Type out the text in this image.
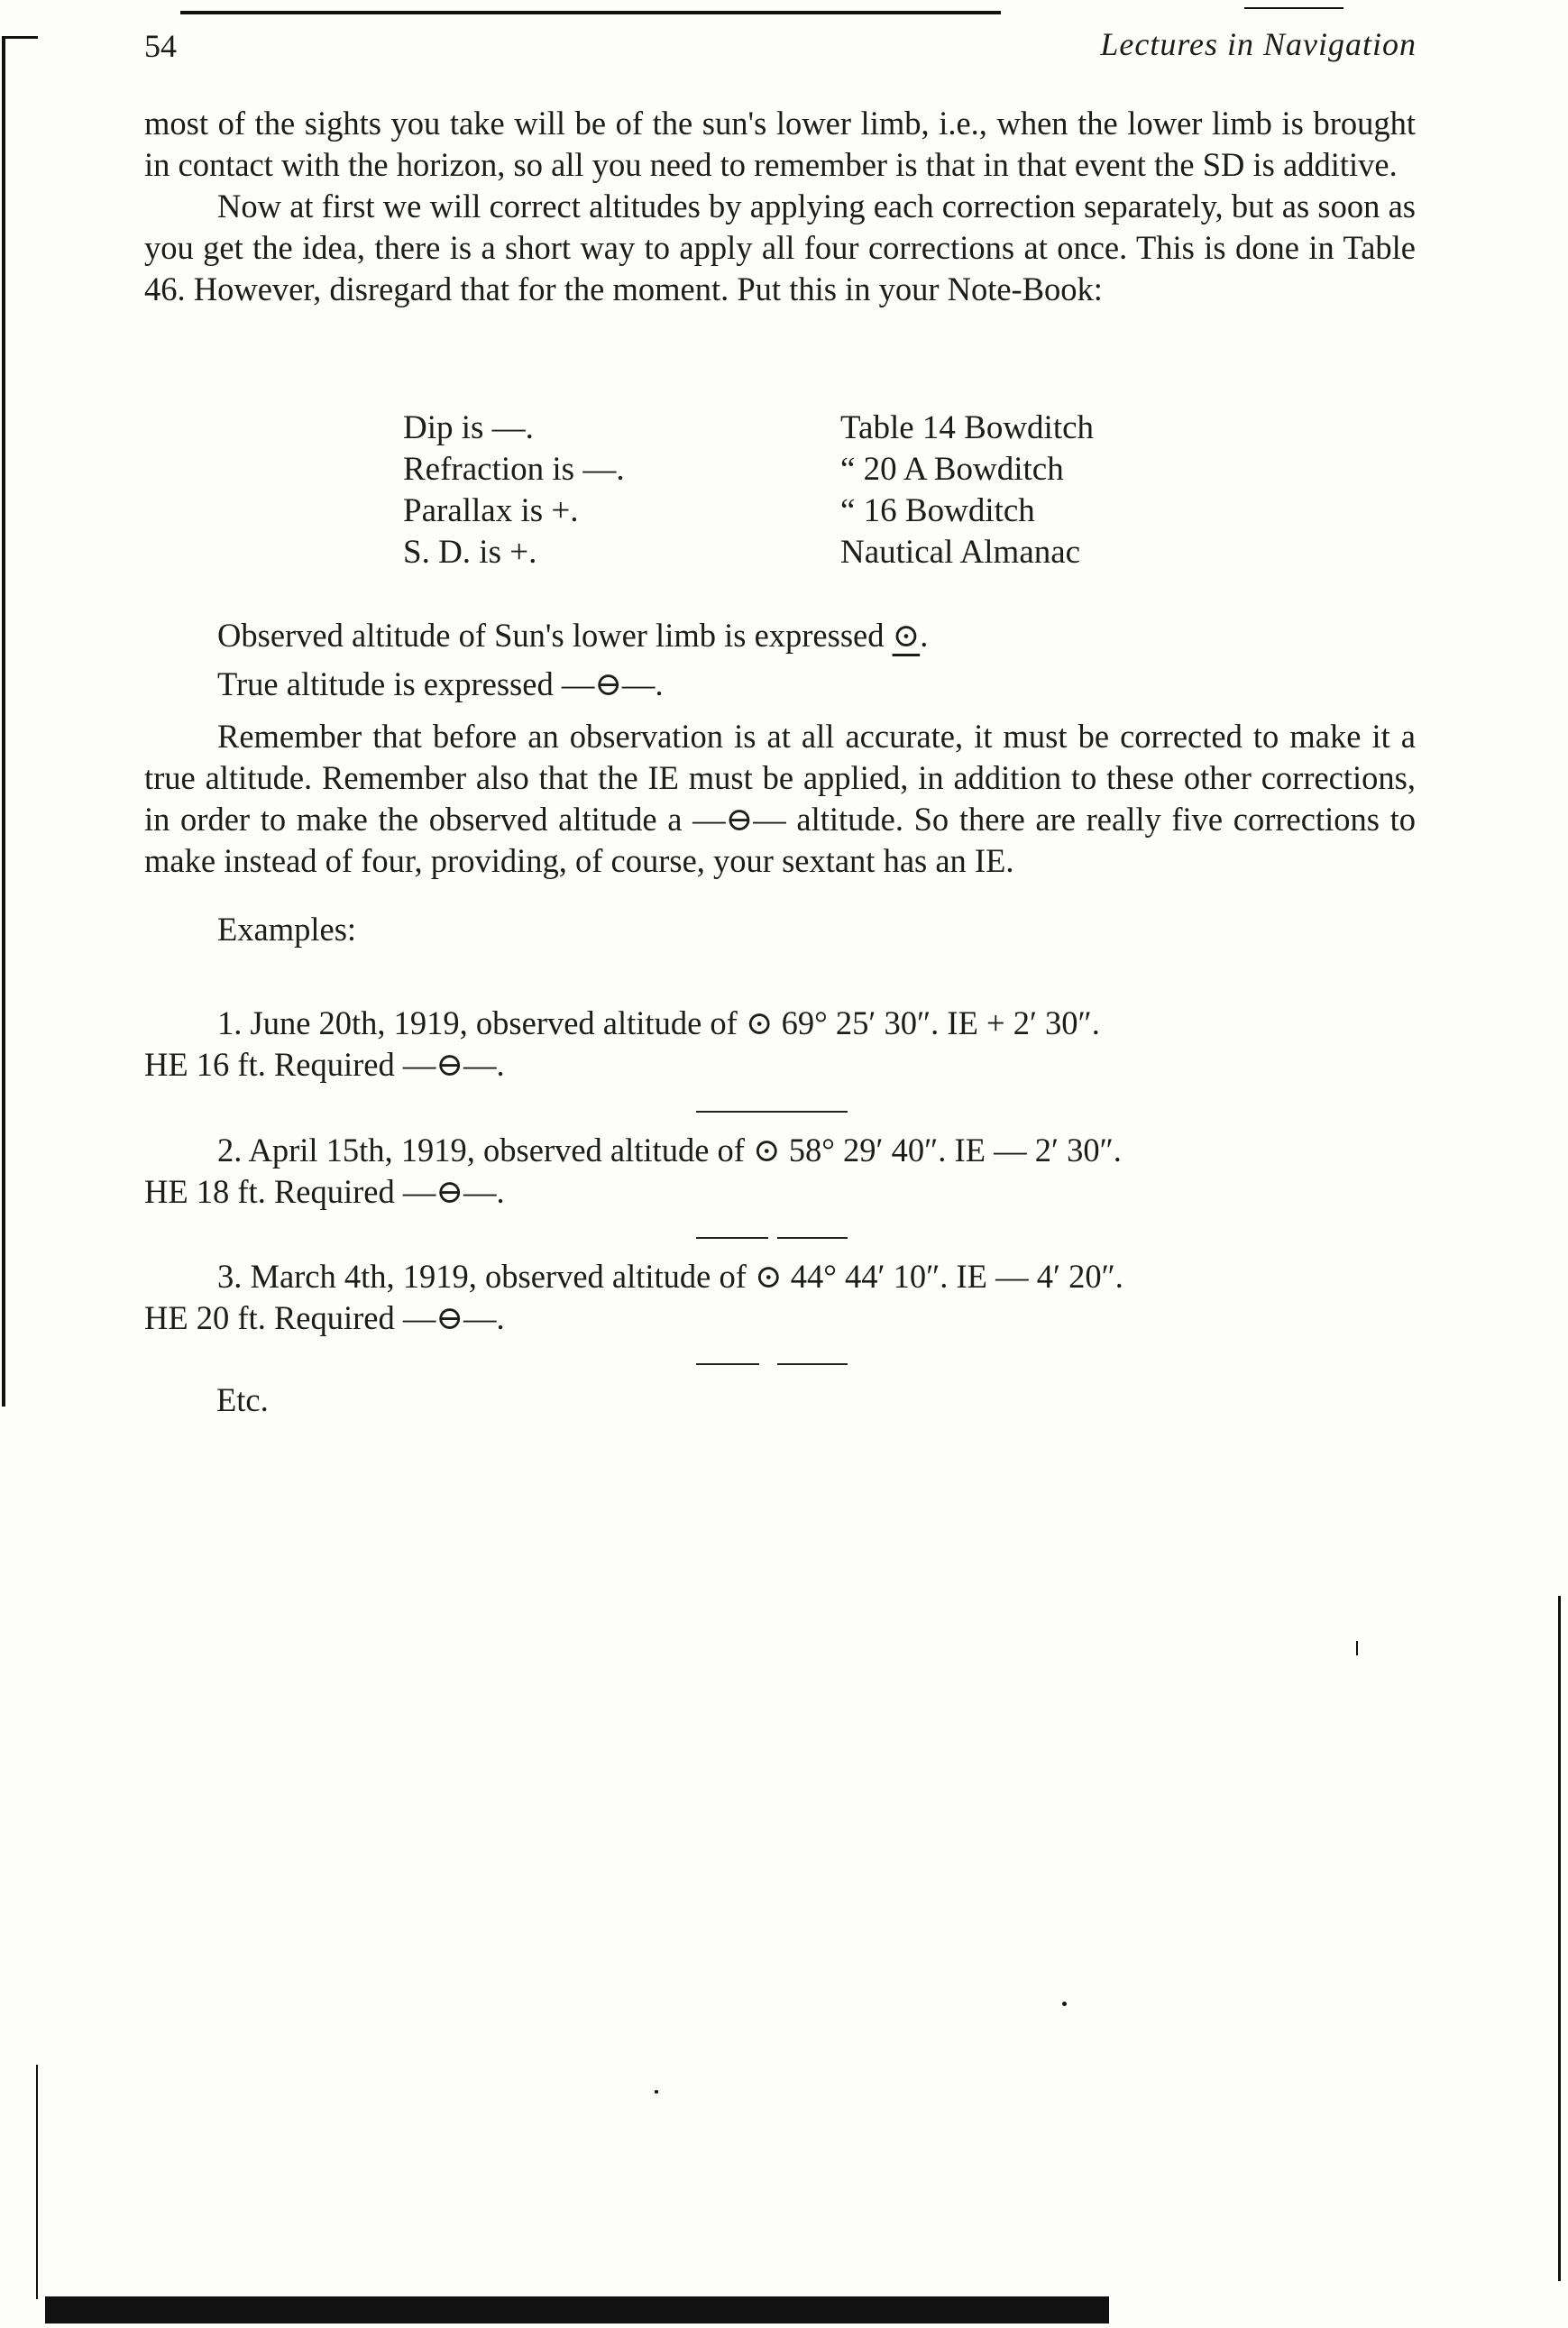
54	Lectures in Navigation

most of the sights you take will be of the sun's lower limb, i.e., when the lower limb is brought in contact with the horizon, so all you need to remember is that in that event the SD is additive.

Now at first we will correct altitudes by applying each correction separately, but as soon as you get the idea, there is a short way to apply all four corrections at once. This is done in Table 46. However, disregard that for the moment. Put this in your Note-Book:

Dip is —.	Table 14 Bowditch
Refraction is —.	“ 20 A Bowditch
Parallax is +.	“ 16 Bowditch
S. D. is +.	Nautical Almanac

Observed altitude of Sun's lower limb is expressed ⊙.

True altitude is expressed —⊖—.

Remember that before an observation is at all accurate, it must be corrected to make it a true altitude. Remember also that the IE must be applied, in addition to these other corrections, in order to make the observed altitude a —⊖— altitude. So there are really five corrections to make instead of four, providing, of course, your sextant has an IE.

Examples:

1. June 20th, 1919, observed altitude of ⊙ 69° 25′ 30″. IE + 2′ 30″.

HE 16 ft. Required —⊖—.

2. April 15th, 1919, observed altitude of ⊙ 58° 29′ 40″. IE — 2′ 30″.

HE 18 ft. Required —⊖—.

3. March 4th, 1919, observed altitude of ⊙ 44° 44′ 10″. IE — 4′ 20″.

HE 20 ft. Required —⊖—.

Etc.
